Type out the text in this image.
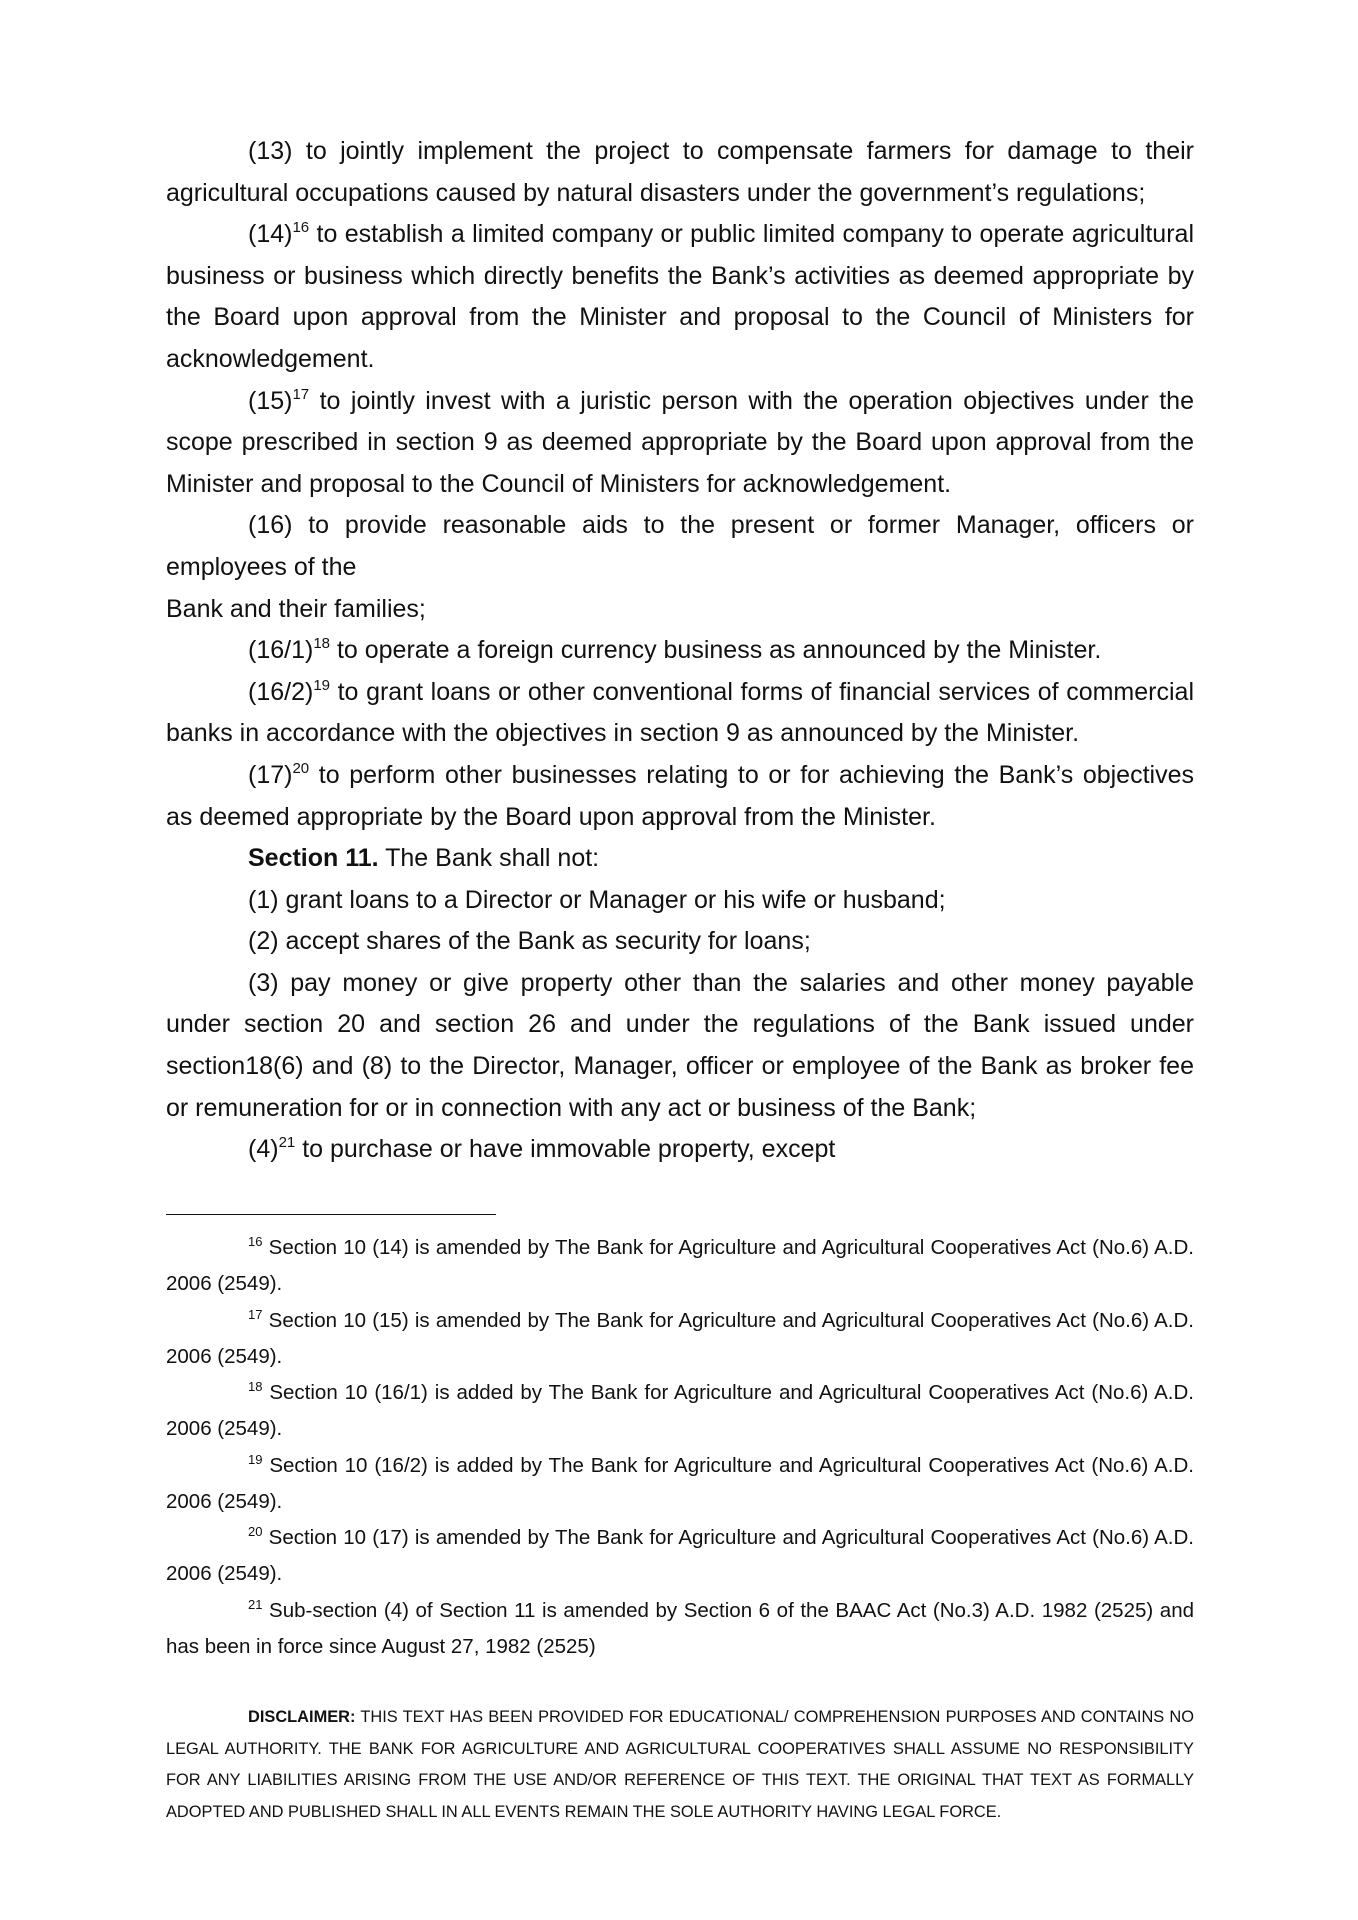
(13) to jointly implement the project to compensate farmers for damage to their agricultural occupations caused by natural disasters under the government’s regulations;

$(14)^{16}$ to establish a limited company or public limited company to operate agricultural business or business which directly benefits the Bank’s activities as deemed appropriate by the Board upon approval from the Minister and proposal to the Council of Ministers for acknowledgement.

$(15)^{17}$ to jointly invest with a juristic person with the operation objectives under the scope prescribed in section 9 as deemed appropriate by the Board upon approval from the Minister and proposal to the Council of Ministers for acknowledgement.

(16) to provide reasonable aids to the present or former Manager, officers or employees of the

Bank and their families;

$(16/1)^{18}$ to operate a foreign currency business as announced by the Minister.

$(16/2)^{19}$ to grant loans or other conventional forms of financial services of commercial banks in accordance with the objectives in section 9 as announced by the Minister.

$(17)^{20}$ to perform other businesses relating to or for achieving the Bank’s objectives as deemed appropriate by the Board upon approval from the Minister.

Section 11. The Bank shall not:

(1) grant loans to a Director or Manager or his wife or husband;

(2) accept shares of the Bank as security for loans;

(3) pay money or give property other than the salaries and other money payable under section 20 and section 26 and under the regulations of the Bank issued under section18(6) and (8) to the Director, Manager, officer or employee of the Bank as broker fee or remuneration for or in connection with any act or business of the Bank;

$(4)^{21}$ to purchase or have immovable property, except

$^{16}$ Section 10 (14) is amended by The Bank for Agriculture and Agricultural Cooperatives Act (No.6) A.D. 2006 (2549).

$^{17}$ Section 10 (15) is amended by The Bank for Agriculture and Agricultural Cooperatives Act (No.6) A.D. 2006 (2549).

$^{18}$ Section 10 (16/1) is added by The Bank for Agriculture and Agricultural Cooperatives Act (No.6) A.D. 2006 (2549).

$^{19}$ Section 10 (16/2) is added by The Bank for Agriculture and Agricultural Cooperatives Act (No.6) A.D. 2006 (2549).

$^{20}$ Section 10 (17) is amended by The Bank for Agriculture and Agricultural Cooperatives Act (No.6) A.D. 2006 (2549).

$^{21}$ Sub-section (4) of Section 11 is amended by Section 6 of the BAAC Act (No.3) A.D. 1982 (2525) and has been in force since August 27, 1982 (2525)

DISCLAIMER: THIS TEXT HAS BEEN PROVIDED FOR EDUCATIONAL/ COMPREHENSION PURPOSES AND CONTAINS NO LEGAL AUTHORITY. THE BANK FOR AGRICULTURE AND AGRICULTURAL COOPERATIVES SHALL ASSUME NO RESPONSIBILITY FOR ANY LIABILITIES ARISING FROM THE USE AND/OR REFERENCE OF THIS TEXT. THE ORIGINAL THAT TEXT AS FORMALLY ADOPTED AND PUBLISHED SHALL IN ALL EVENTS REMAIN THE SOLE AUTHORITY HAVING LEGAL FORCE.
